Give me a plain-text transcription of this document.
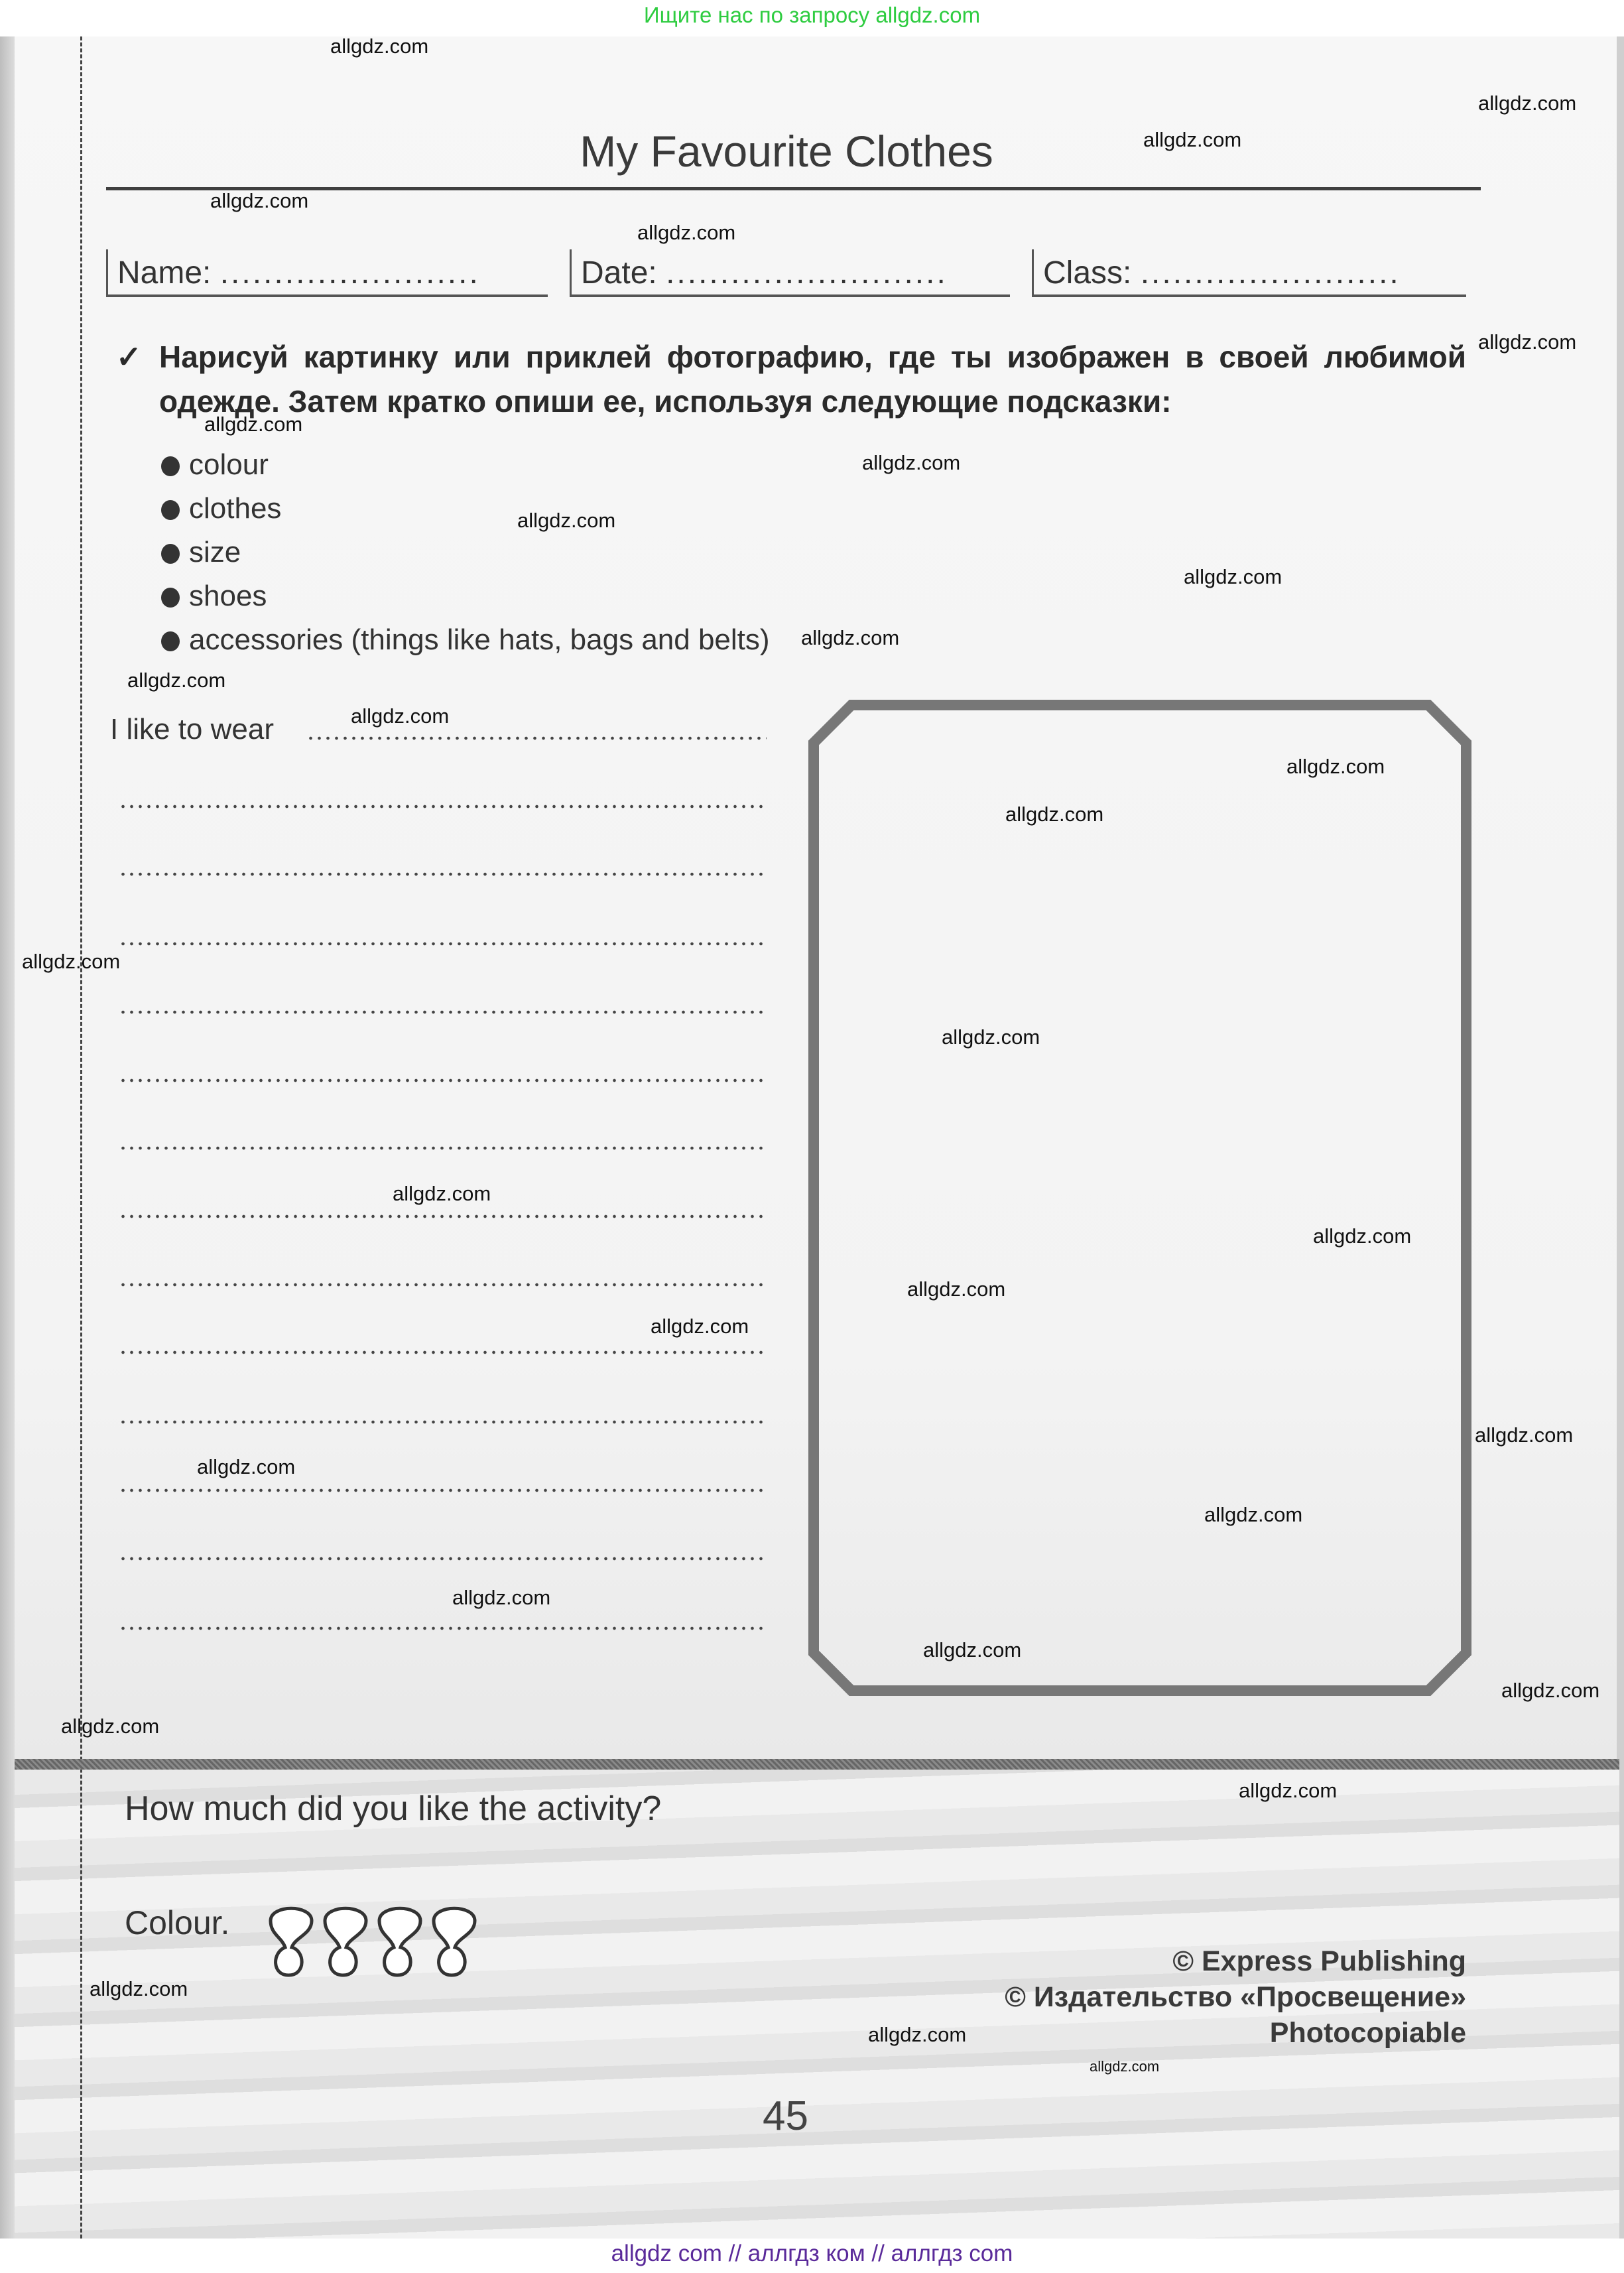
Ищите нас по запросу allgdz.com
My Favourite Clothes
Name: ........................	Date: ..........................	Class: ........................
✓ Нарисуй картинку или приклей фотографию, где ты изображен в своей любимой одежде. Затем кратко опиши ее, используя следующие подсказки:
colour
clothes
size
shoes
accessories (things like hats, bags and belts)
I like to wear
How much did you like the activity?
Colour.
© Express Publishing
© Издательство «Просвещение»
Photocopiable
45
allgdz com // аллгдз ком // аллгдз com
allgdz.com
allgdz.com
allgdz.com
allgdz.com
allgdz.com
allgdz.com
allgdz.com
allgdz.com
allgdz.com
allgdz.com
allgdz.com
allgdz.com
allgdz.com
allgdz.com
allgdz.com
allgdz.com
allgdz.com
allgdz.com
allgdz.com
allgdz.com
allgdz.com
allgdz.com
allgdz.com
allgdz.com
allgdz.com
allgdz.com
allgdz.com
allgdz.com
allgdz.com
allgdz.com
allgdz.com
allgdz.com
